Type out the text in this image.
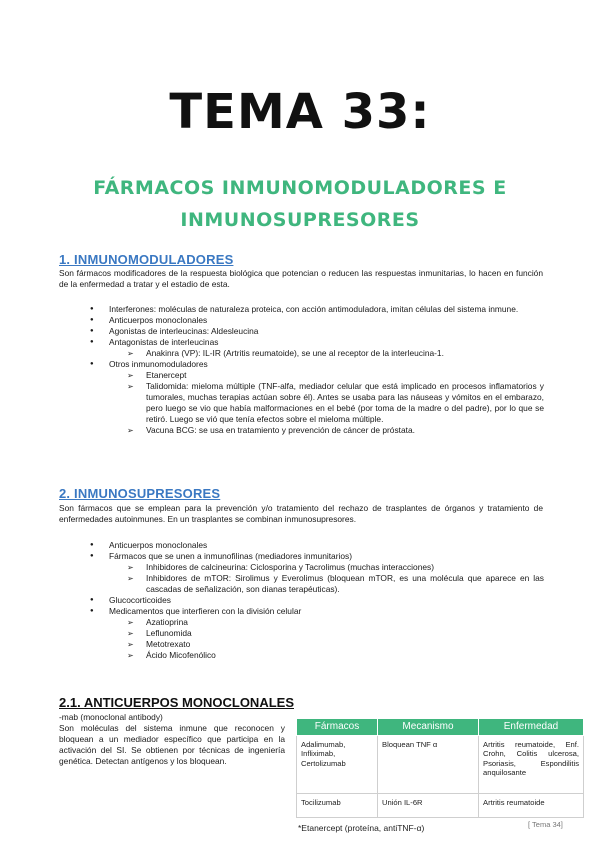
TEMA 33:
FÁRMACOS INMUNOMODULADORES E
INMUNOSUPRESORES
1. INMUNOMODULADORES

Son fármacos modificadores de la respuesta biológica que potencian o reducen las respuestas inmunitarias, lo hacen en función de la enfermedad a tratar y el estadio de esta.

● Interferones: moléculas de naturaleza proteica, con acción antimoduladora, imitan células del sistema inmune.
● Anticuerpos monoclonales
● Agonistas de interleucinas: Aldesleucina
● Antagonistas de interleucinas
➢ Anakinra (VP): IL-IR (Artritis reumatoide), se une al receptor de la interleucina-1.
● Otros inmunomoduladores
➢ Etanercept
➢ Talidomida: mieloma múltiple (TNF-alfa, mediador celular que está implicado en procesos inflamatorios y tumorales, muchas terapias actúan sobre él). Antes se usaba para las náuseas y vómitos en el embarazo, pero luego se vio que había malformaciones en el bebé (por toma de la madre o del padre), por lo que se retiró. Luego se vió que tenía efectos sobre el mieloma múltiple.
➢ Vacuna BCG: se usa en tratamiento y prevención de cáncer de próstata.
2. INMUNOSUPRESORES

Son fármacos que se emplean para la prevención y/o tratamiento del rechazo de trasplantes de órganos y tratamiento de enfermedades autoinmunes. En un trasplantes se combinan inmunosupresores.

● Anticuerpos monoclonales
● Fármacos que se unen a inmunofilinas (mediadores inmunitarios)
➢ Inhibidores de calcineurina: Ciclosporina y Tacrolimus (muchas interacciones)
➢ Inhibidores de mTOR: Sirolimus y Everolimus (bloquean mTOR, es una molécula que aparece en las cascadas de señalización, son dianas terapéuticas).
● Glucocorticoides
● Medicamentos que interfieren con la división celular
➢ Azatioprina
➢ Leflunomida
➢ Metotrexato
➢ Ácido Micofenólico
2.1. ANTICUERPOS MONOCLONALES

-mab (monoclonal antibody)

Son moléculas del sistema inmune que reconocen y bloquean a un mediador específico que participa en la activación del SI. Se obtienen por técnicas de ingeniería genética. Detectan antígenos y los bloquean.

Fármacos	Mecanismo	Enfermedad
Adalimumab, Infliximab, Certolizumab	Bloquean TNF α	Artritis reumatoide, Enf. Crohn, Colitis ulcerosa, Psoriasis, Espondilitis anquilosante
Tocilizumab	Unión IL-6R	Artritis reumatoide
*Etanercept (proteína, antiTNF-α)	[ Tema 34]
